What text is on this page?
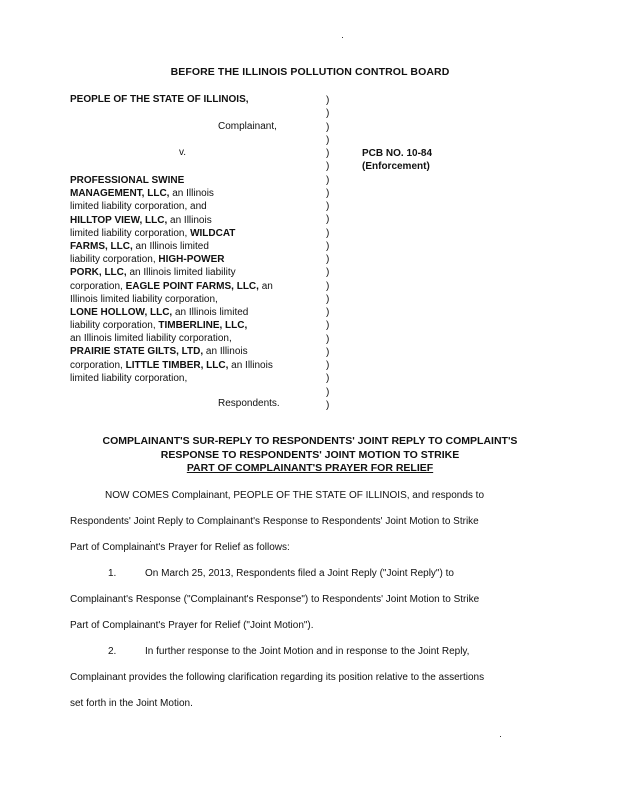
BEFORE THE ILLINOIS POLLUTION CONTROL BOARD
PEOPLE OF THE STATE OF ILLINOIS,
Complainant,
v.
PROFESSIONAL SWINE
MANAGEMENT, LLC, an Illinois
limited liability corporation, and
HILLTOP VIEW, LLC, an Illinois
limited liability corporation, WILDCAT
FARMS, LLC, an Illinois limited
liability corporation, HIGH-POWER
PORK, LLC, an Illinois limited liability
corporation, EAGLE POINT FARMS, LLC, an
Illinois limited liability corporation,
LONE HOLLOW, LLC, an Illinois limited
liability corporation, TIMBERLINE, LLC,
an Illinois limited liability corporation,
PRAIRIE STATE GILTS, LTD, an Illinois
corporation, LITTLE TIMBER, LLC, an Illinois
limited liability corporation,
Respondents.
)
)
)
)
)
)
)
)
)
)
)
)
)
)
)
)
)
)
)
)
)
)
)
)
PCB NO. 10-84
(Enforcement)
COMPLAINANT'S SUR-REPLY TO RESPONDENTS' JOINT REPLY TO COMPLAINT'S
RESPONSE TO RESPONDENTS' JOINT MOTION TO STRIKE
PART OF COMPLAINANT'S PRAYER FOR RELIEF
NOW COMES Complainant, PEOPLE OF THE STATE OF ILLINOIS, and responds to
Respondents' Joint Reply to Complainant's Response to Respondents' Joint Motion to Strike
Part of Complainant's Prayer for Relief as follows:
1.	On March 25, 2013, Respondents filed a Joint Reply ("Joint Reply") to
Complainant's Response ("Complainant's Response") to Respondents' Joint Motion to Strike
Part of Complainant's Prayer for Relief ("Joint Motion").
2.	In further response to the Joint Motion and in response to the Joint Reply,
Complainant provides the following clarification regarding its position relative to the assertions
set forth in the Joint Motion.
